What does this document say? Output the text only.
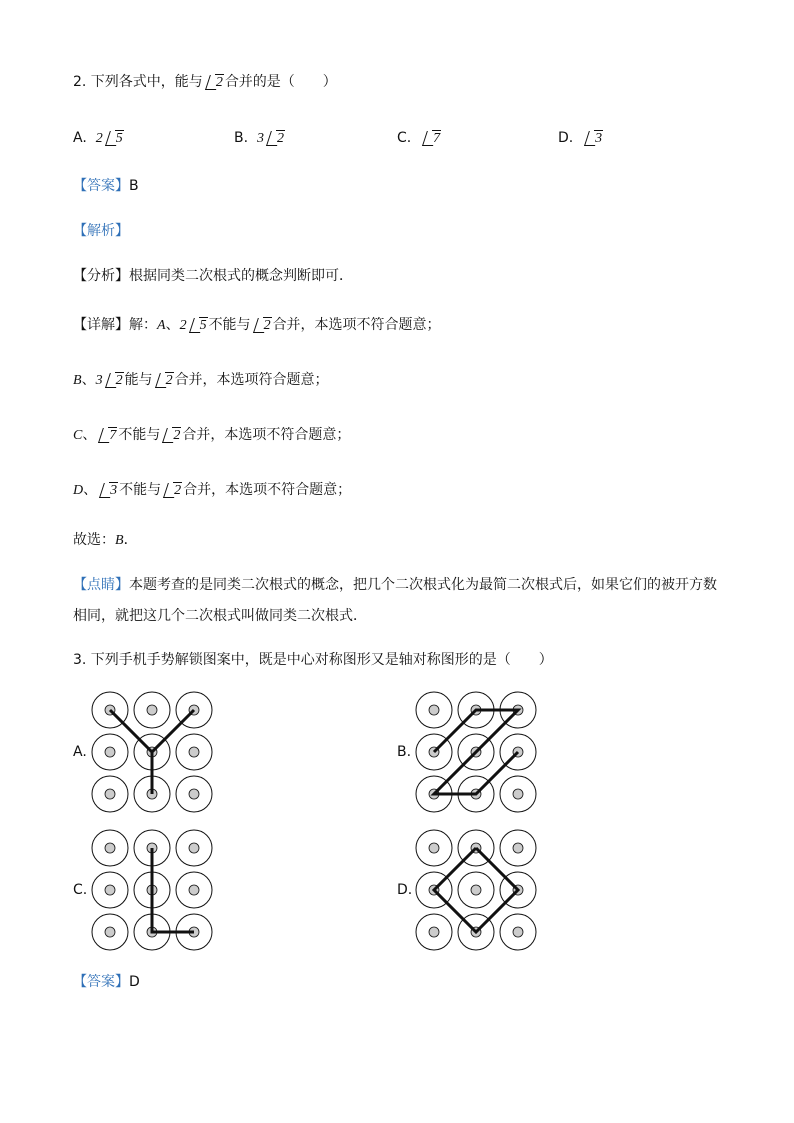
2. 下列各式中，能与 2 合并的是（　　）
A. 2 5	B. 3 2	C. 7	D. 3
【答案】B
【解析】
【分析】根据同类二次根式的概念判断即可．
【详解】解：A、2 5 不能与 2 合并，本选项不符合题意；
B、3 2 能与 2 合并，本选项符合题意；
C、 7 不能与 2 合并，本选项不符合题意；
D、 3 不能与 2 合并，本选项不符合题意；
故选：B．
【点睛】本题考查的是同类二次根式的概念，把几个二次根式化为最简二次根式后，如果它们的被开方数
相同，就把这几个二次根式叫做同类二次根式．
3. 下列手机手势解锁图案中，既是中心对称图形又是轴对称图形的是（　　）
A.	B.
C.	D.
【答案】D
